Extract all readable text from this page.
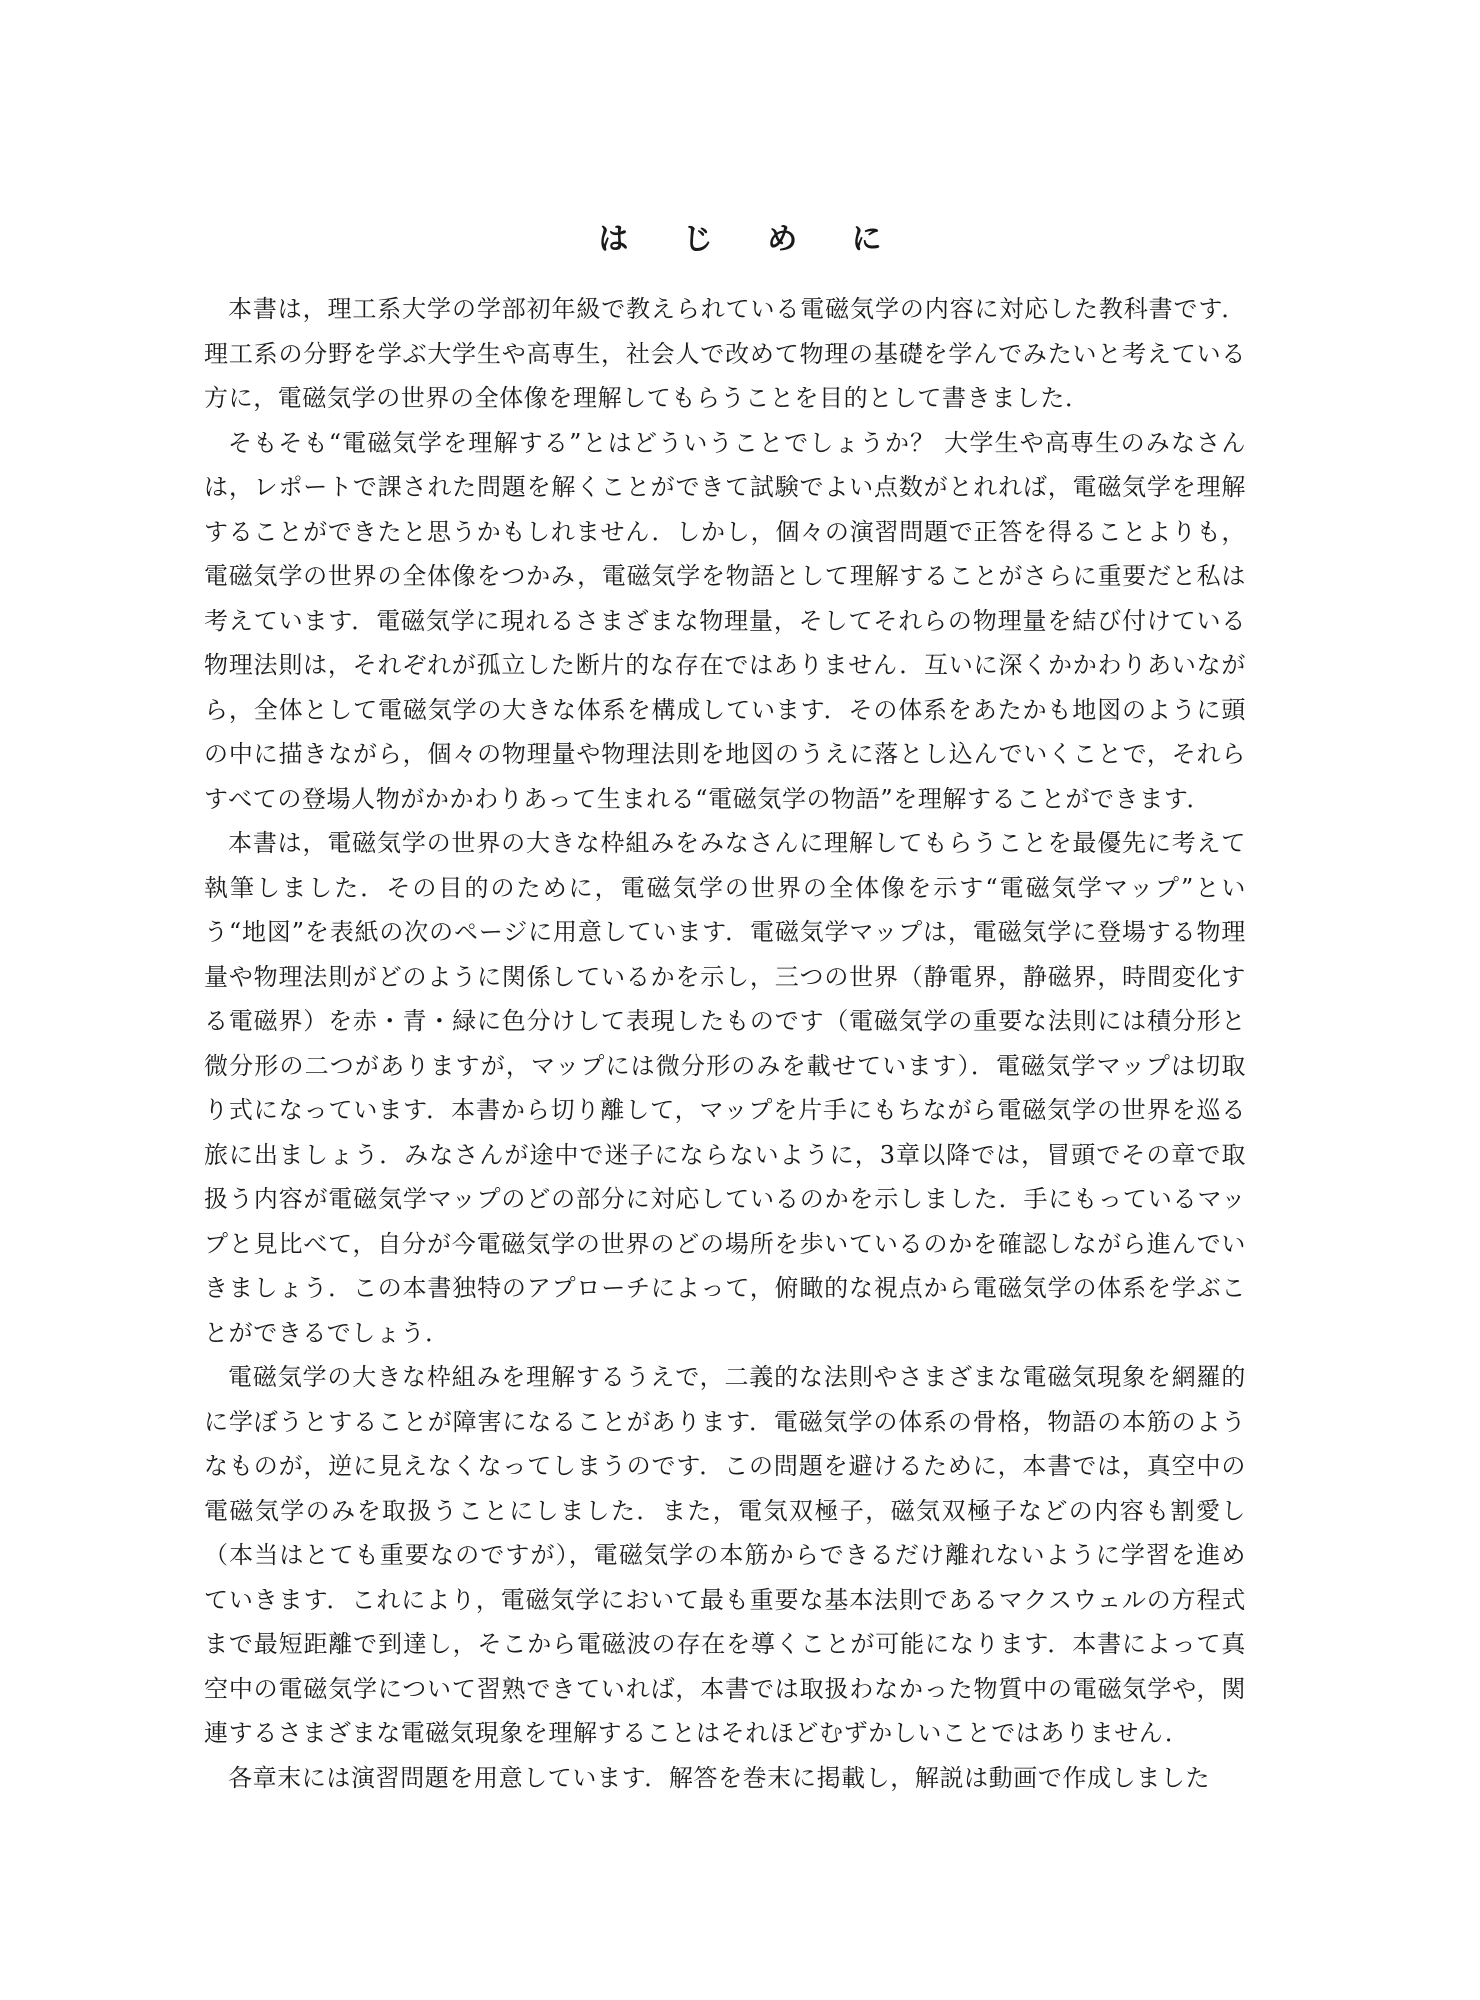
は じ め に

本書は，理工系大学の学部初年級で教えられている電磁気学の内容に対応した教科書です．理工系の分野を学ぶ大学生や高専生，社会人で改めて物理の基礎を学んでみたいと考えている方に，電磁気学の世界の全体像を理解してもらうことを目的として書きました．

そもそも“電磁気学を理解する”とはどういうことでしょうか？ 大学生や高専生のみなさんは，レポートで課された問題を解くことができて試験でよい点数がとれれば，電磁気学を理解することができたと思うかもしれません．しかし，個々の演習問題で正答を得ることよりも，電磁気学の世界の全体像をつかみ，電磁気学を物語として理解することがさらに重要だと私は考えています．電磁気学に現れるさまざまな物理量，そしてそれらの物理量を結び付けている物理法則は，それぞれが孤立した断片的な存在ではありません．互いに深くかかわりあいながら，全体として電磁気学の大きな体系を構成しています．その体系をあたかも地図のように頭の中に描きながら，個々の物理量や物理法則を地図のうえに落とし込んでいくことで，それらすべての登場人物がかかわりあって生まれる“電磁気学の物語”を理解することができます．

本書は，電磁気学の世界の大きな枠組みをみなさんに理解してもらうことを最優先に考えて執筆しました．その目的のために，電磁気学の世界の全体像を示す“電磁気学マップ”という“地図”を表紙の次のページに用意しています．電磁気学マップは，電磁気学に登場する物理量や物理法則がどのように関係しているかを示し，三つの世界（静電界，静磁界，時間変化する電磁界）を赤・青・緑に色分けして表現したものです（電磁気学の重要な法則には積分形と微分形の二つがありますが，マップには微分形のみを載せています）．電磁気学マップは切取り式になっています．本書から切り離して，マップを片手にもちながら電磁気学の世界を巡る旅に出ましょう．みなさんが途中で迷子にならないように，3章以降では，冒頭でその章で取扱う内容が電磁気学マップのどの部分に対応しているのかを示しました．手にもっているマップと見比べて，自分が今電磁気学の世界のどの場所を歩いているのかを確認しながら進んでいきましょう．この本書独特のアプローチによって，俯瞰的な視点から電磁気学の体系を学ぶことができるでしょう．

電磁気学の大きな枠組みを理解するうえで，二義的な法則やさまざまな電磁気現象を網羅的に学ぼうとすることが障害になることがあります．電磁気学の体系の骨格，物語の本筋のようなものが，逆に見えなくなってしまうのです．この問題を避けるために，本書では，真空中の電磁気学のみを取扱うことにしました．また，電気双極子，磁気双極子などの内容も割愛し（本当はとても重要なのですが），電磁気学の本筋からできるだけ離れないように学習を進めていきます．これにより，電磁気学において最も重要な基本法則であるマクスウェルの方程式まで最短距離で到達し，そこから電磁波の存在を導くことが可能になります．本書によって真空中の電磁気学について習熟できていれば，本書では取扱わなかった物質中の電磁気学や，関連するさまざまな電磁気現象を理解することはそれほどむずかしいことではありません．

各章末には演習問題を用意しています．解答を巻末に掲載し，解説は動画で作成しました
